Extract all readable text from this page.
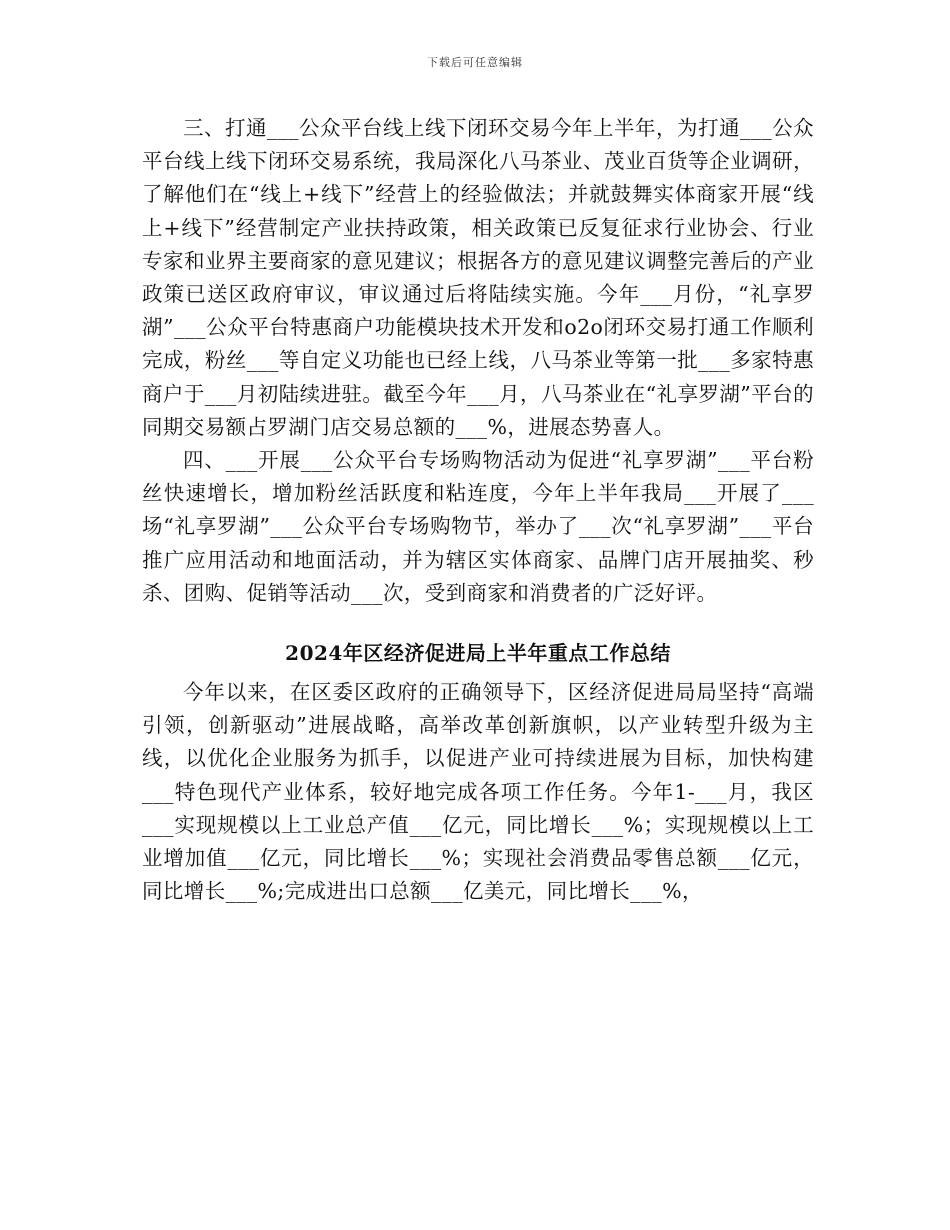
下载后可任意编辑

三、打通___公众平台线上线下闭环交易今年上半年，为打通___公众平台线上线下闭环交易系统，我局深化八马茶业、茂业百货等企业调研，了解他们在“线上+线下”经营上的经验做法；并就鼓舞实体商家开展“线上+线下”经营制定产业扶持政策，相关政策已反复征求行业协会、行业专家和业界主要商家的意见建议；根据各方的意见建议调整完善后的产业政策已送区政府审议，审议通过后将陆续实施。今年___月份，“礼享罗湖”___公众平台特惠商户功能模块技术开发和o2o闭环交易打通工作顺利完成，粉丝___等自定义功能也已经上线，八马茶业等第一批___多家特惠商户于___月初陆续进驻。截至今年___月，八马茶业在“礼享罗湖”平台的同期交易额占罗湖门店交易总额的___%，进展态势喜人。

四、___开展___公众平台专场购物活动为促进“礼享罗湖”___平台粉丝快速增长，增加粉丝活跃度和粘连度，今年上半年我局___开展了___场“礼享罗湖”___公众平台专场购物节，举办了___次“礼享罗湖”___平台推广应用活动和地面活动，并为辖区实体商家、品牌门店开展抽奖、秒杀、团购、促销等活动___次，受到商家和消费者的广泛好评。

2024年区经济促进局上半年重点工作总结

今年以来，在区委区政府的正确领导下，区经济促进局局坚持“高端引领，创新驱动”进展战略，高举改革创新旗帜，以产业转型升级为主线，以优化企业服务为抓手，以促进产业可持续进展为目标，加快构建___特色现代产业体系，较好地完成各项工作任务。今年1-___月，我区___实现规模以上工业总产值___亿元，同比增长___%；实现规模以上工业增加值___亿元，同比增长___%；实现社会消费品零售总额___亿元，同比增长___%;完成进出口总额___亿美元，同比增长___%，
